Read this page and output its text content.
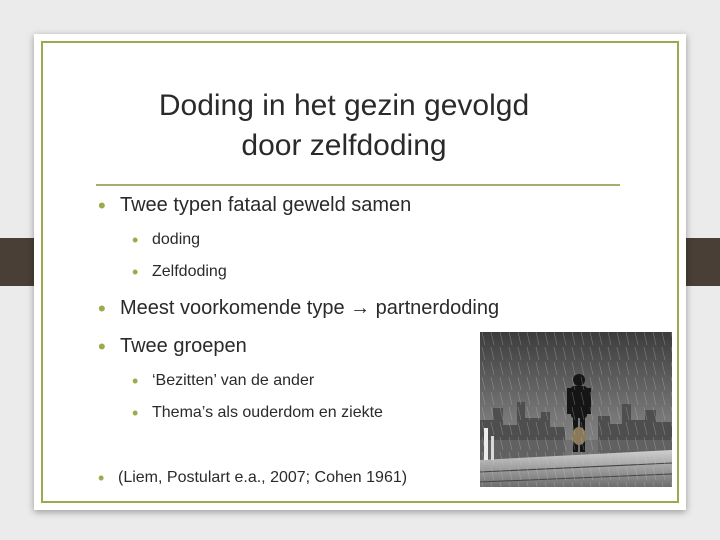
Doding in het gezin gevolgd door zelfdoding
• Twee typen fataal geweld samen
• doding
• Zelfdoding
• Meest voorkomende type → partnerdoding
• Twee groepen
• ‘Bezitten’ van de ander
• Thema’s als ouderdom en ziekte
• (Liem, Postulart e.a., 2007; Cohen 1961)
